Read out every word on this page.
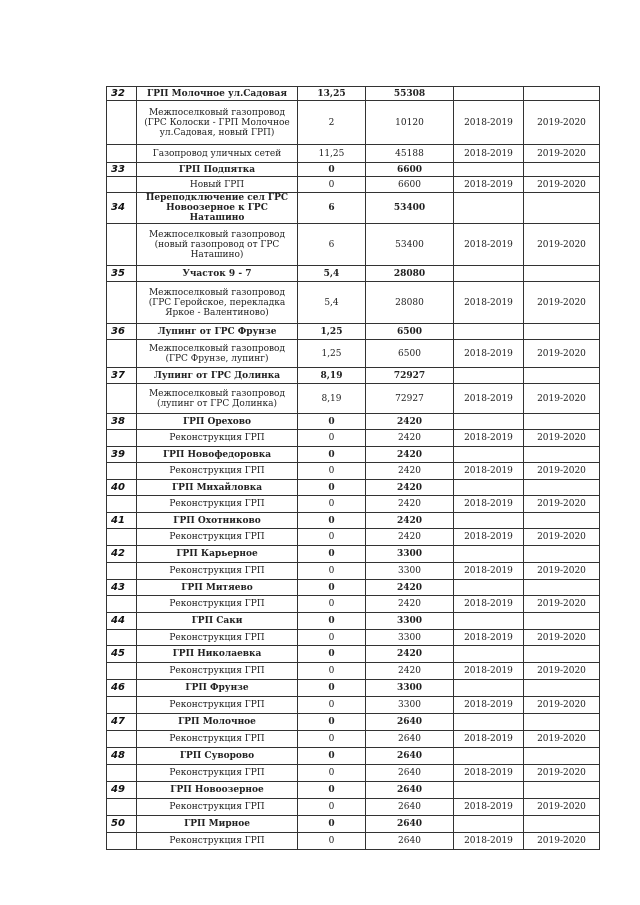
32	ГРП Молочное ул.Садовая	13,25	55308		
	Межпоселковый газопровод (ГРС Колоски - ГРП Молочное ул.Садовая, новый ГРП)	2	10120	2018-2019	2019-2020
	Газопровод уличных сетей	11,25	45188	2018-2019	2019-2020
33	ГРП Подпятка	0	6600		
	Новый ГРП	0	6600	2018-2019	2019-2020
34	Переподключение сел ГРС Новоозерное к ГРС Наташино	6	53400		
	Межпоселковый газопровод (новый газопровод от ГРС Наташино)	6	53400	2018-2019	2019-2020
35	Участок 9 - 7	5,4	28080		
	Межпоселковый газопровод (ГРС Геройское, перекладка Яркое - Валентиново)	5,4	28080	2018-2019	2019-2020
36	Лупинг от ГРС Фрунзе	1,25	6500		
	Межпоселковый газопровод (ГРС Фрунзе, лупинг)	1,25	6500	2018-2019	2019-2020
37	Лупинг от ГРС Долинка	8,19	72927		
	Межпоселковый газопровод (лупинг от ГРС Долинка)	8,19	72927	2018-2019	2019-2020
38	ГРП Орехово	0	2420		
	Реконструкция ГРП	0	2420	2018-2019	2019-2020
39	ГРП Новофедоровка	0	2420		
	Реконструкция ГРП	0	2420	2018-2019	2019-2020
40	ГРП Михайловка	0	2420		
	Реконструкция ГРП	0	2420	2018-2019	2019-2020
41	ГРП Охотниково	0	2420		
	Реконструкция ГРП	0	2420	2018-2019	2019-2020
42	ГРП Карьерное	0	3300		
	Реконструкция ГРП	0	3300	2018-2019	2019-2020
43	ГРП Митяево	0	2420		
	Реконструкция ГРП	0	2420	2018-2019	2019-2020
44	ГРП Саки	0	3300		
	Реконструкция ГРП	0	3300	2018-2019	2019-2020
45	ГРП Николаевка	0	2420		
	Реконструкция ГРП	0	2420	2018-2019	2019-2020
46	ГРП Фрунзе	0	3300		
	Реконструкция ГРП	0	3300	2018-2019	2019-2020
47	ГРП Молочное	0	2640		
	Реконструкция ГРП	0	2640	2018-2019	2019-2020
48	ГРП Суворово	0	2640		
	Реконструкция ГРП	0	2640	2018-2019	2019-2020
49	ГРП Новоозерное	0	2640		
	Реконструкция ГРП	0	2640	2018-2019	2019-2020
50	ГРП Мирное	0	2640		
	Реконструкция ГРП	0	2640	2018-2019	2019-2020
